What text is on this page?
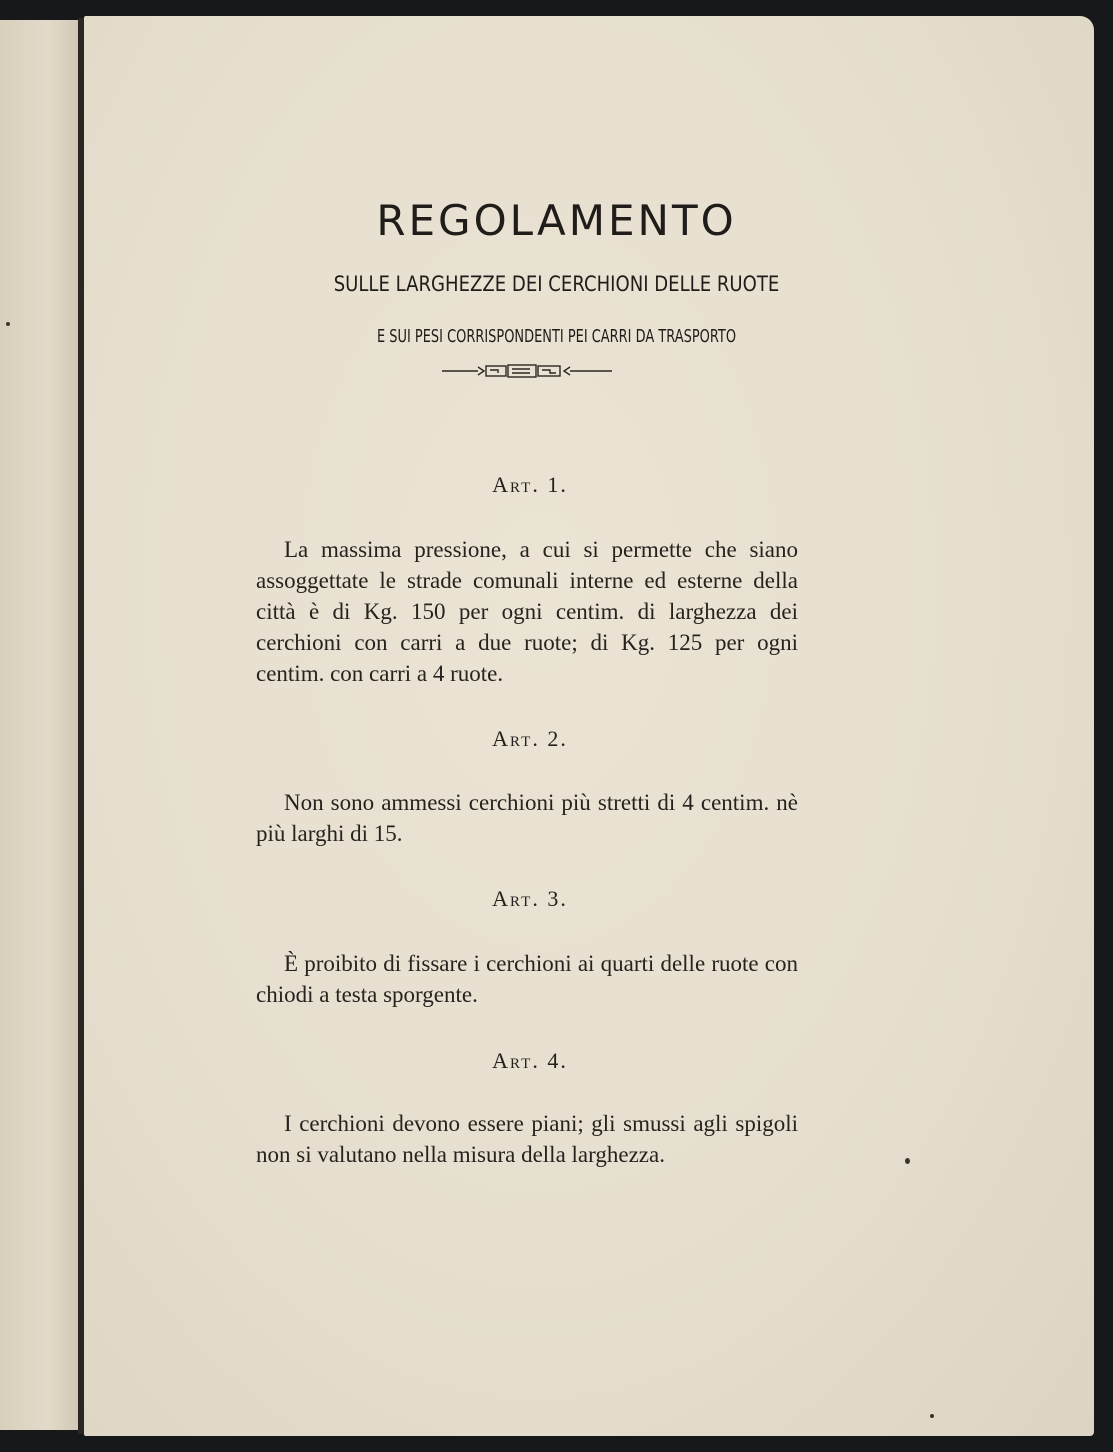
REGOLAMENTO
SULLE LARGHEZZE DEI CERCHIONI DELLE RUOTE
E SUI PESI CORRISPONDENTI PEI CARRI DA TRASPORTO
Art. 1.

La massima pressione, a cui si permette che siano assoggettate le strade comunali interne ed esterne della città è di Kg. 150 per ogni centim. di larghezza dei cerchioni con carri a due ruote; di Kg. 125 per ogni centim. con carri a 4 ruote.

Art. 2.

Non sono ammessi cerchioni più stretti di 4 centim. nè più larghi di 15.

Art. 3.

È proibito di fissare i cerchioni ai quarti delle ruote con chiodi a testa sporgente.

Art. 4.

I cerchioni devono essere piani; gli smussi agli spigoli non si valutano nella misura della larghezza.
